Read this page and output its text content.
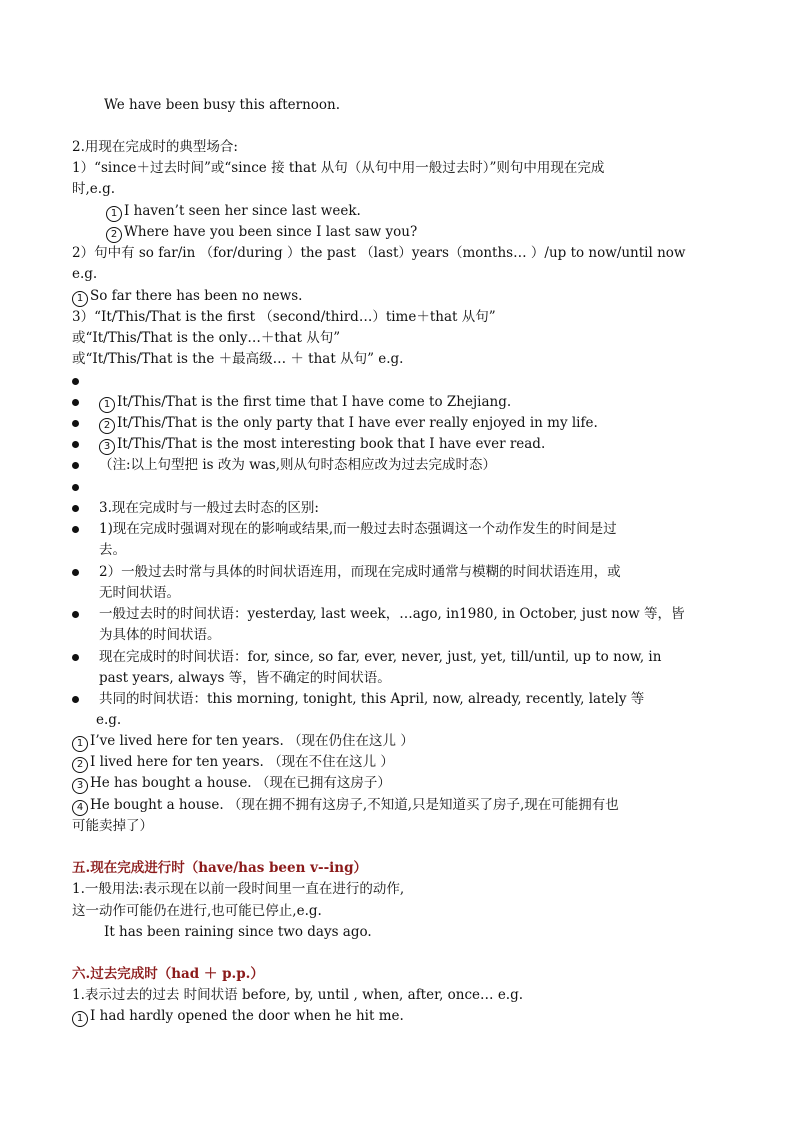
We have been busy this afternoon.
2.用现在完成时的典型场合:
1）“since＋过去时间”或“since 接 that 从句（从句中用一般过去时）”则句中用现在完成
时,e.g.
1 I haven’t seen her since last week.
2 Where have you been since I last saw you?
2）句中有 so far/in （for/during ）the past （last）years（months… ）/up to now/until now
e.g.
1 So far there has been no news.
3）“It/This/That is the first （second/third…）time＋that 从句”
或“It/This/That is the only…＋that 从句”
或“It/This/That is the ＋最高级… ＋ that 从句” e.g.
1 It/This/That is the first time that I have come to Zhejiang.
2 It/This/That is the only party that I have ever really enjoyed in my life.
3 It/This/That is the most interesting book that I have ever read.
（注:以上句型把 is 改为 was,则从句时态相应改为过去完成时态）
3.现在完成时与一般过去时态的区别:
1)现在完成时强调对现在的影响或结果,而一般过去时态强调这一个动作发生的时间是过
去。
2）一般过去时常与具体的时间状语连用，而现在完成时通常与模糊的时间状语连用，或
无时间状语。
一般过去时的时间状语：yesterday, last week，…ago, in1980, in October, just now 等，皆
为具体的时间状语。
现在完成时的时间状语：for, since, so far, ever, never, just, yet, till/until, up to now, in
past years, always 等，皆不确定的时间状语。
共同的时间状语：this morning, tonight, this April, now, already, recently, lately 等
e.g.
1 I’ve lived here for ten years. （现在仍住在这儿 ）
2 I lived here for ten years. （现在不住在这儿 ）
3 He has bought a house. （现在已拥有这房子）
4 He bought a house. （现在拥不拥有这房子,不知道,只是知道买了房子,现在可能拥有也
可能卖掉了）
五.现在完成进行时（have/has been v--ing）
1.一般用法:表示现在以前一段时间里一直在进行的动作,
这一动作可能仍在进行,也可能已停止,e.g.
It has been raining since two days ago.
六.过去完成时（had ＋ p.p.）
1.表示过去的过去 时间状语 before, by, until , when, after, once… e.g.
1 I had hardly opened the door when he hit me.
